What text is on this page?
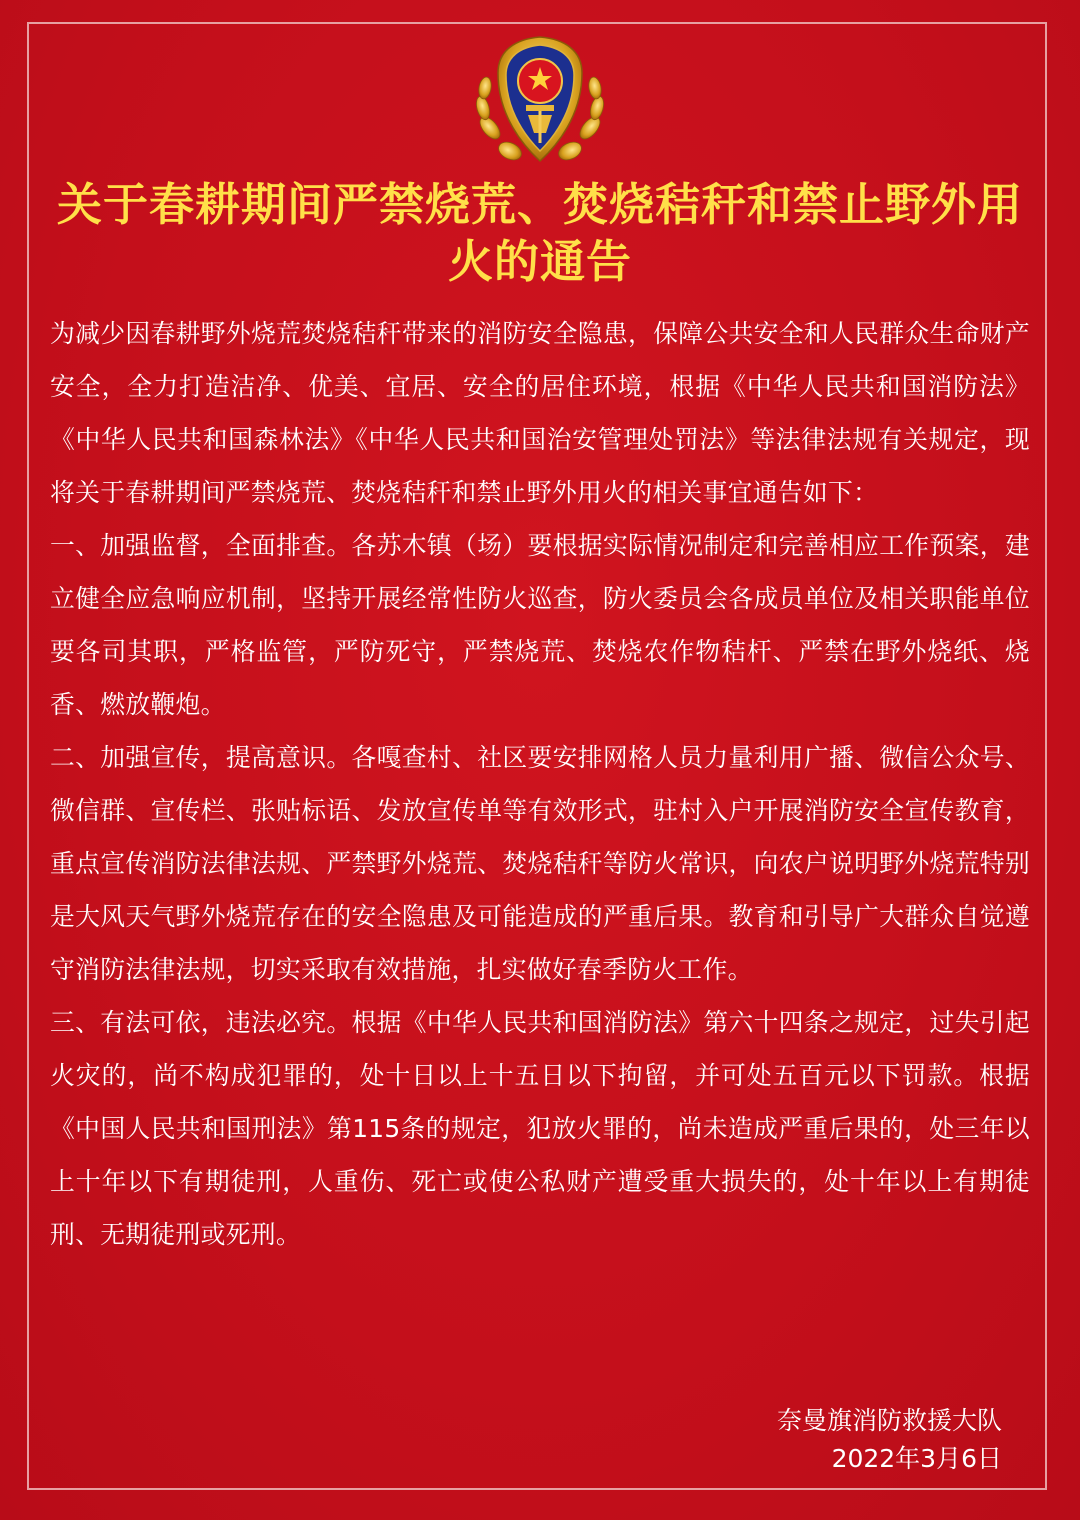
关于春耕期间严禁烧荒、焚烧秸秆和禁止野外用火的通告

为减少因春耕野外烧荒焚烧秸秆带来的消防安全隐患，保障公共安全和人民群众生命财产安全，全力打造洁净、优美、宜居、安全的居住环境，根据《中华人民共和国消防法》《中华人民共和国森林法》《中华人民共和国治安管理处罚法》等法律法规有关规定，现将关于春耕期间严禁烧荒、焚烧秸秆和禁止野外用火的相关事宜通告如下：

一、加强监督，全面排查。各苏木镇（场）要根据实际情况制定和完善相应工作预案，建立健全应急响应机制，坚持开展经常性防火巡查，防火委员会各成员单位及相关职能单位要各司其职，严格监管，严防死守，严禁烧荒、焚烧农作物秸杆、严禁在野外烧纸、烧香、燃放鞭炮。

二、加强宣传，提高意识。各嘎查村、社区要安排网格人员力量利用广播、微信公众号、微信群、宣传栏、张贴标语、发放宣传单等有效形式，驻村入户开展消防安全宣传教育，重点宣传消防法律法规、严禁野外烧荒、焚烧秸秆等防火常识，向农户说明野外烧荒特别是大风天气野外烧荒存在的安全隐患及可能造成的严重后果。教育和引导广大群众自觉遵守消防法律法规，切实采取有效措施，扎实做好春季防火工作。

三、有法可依，违法必究。根据《中华人民共和国消防法》第六十四条之规定，过失引起火灾的，尚不构成犯罪的，处十日以上十五日以下拘留，并可处五百元以下罚款。根据《中国人民共和国刑法》第115条的规定，犯放火罪的，尚未造成严重后果的，处三年以上十年以下有期徒刑，人重伤、死亡或使公私财产遭受重大损失的，处十年以上有期徒刑、无期徒刑或死刑。

奈曼旗消防救援大队
2022年3月6日
